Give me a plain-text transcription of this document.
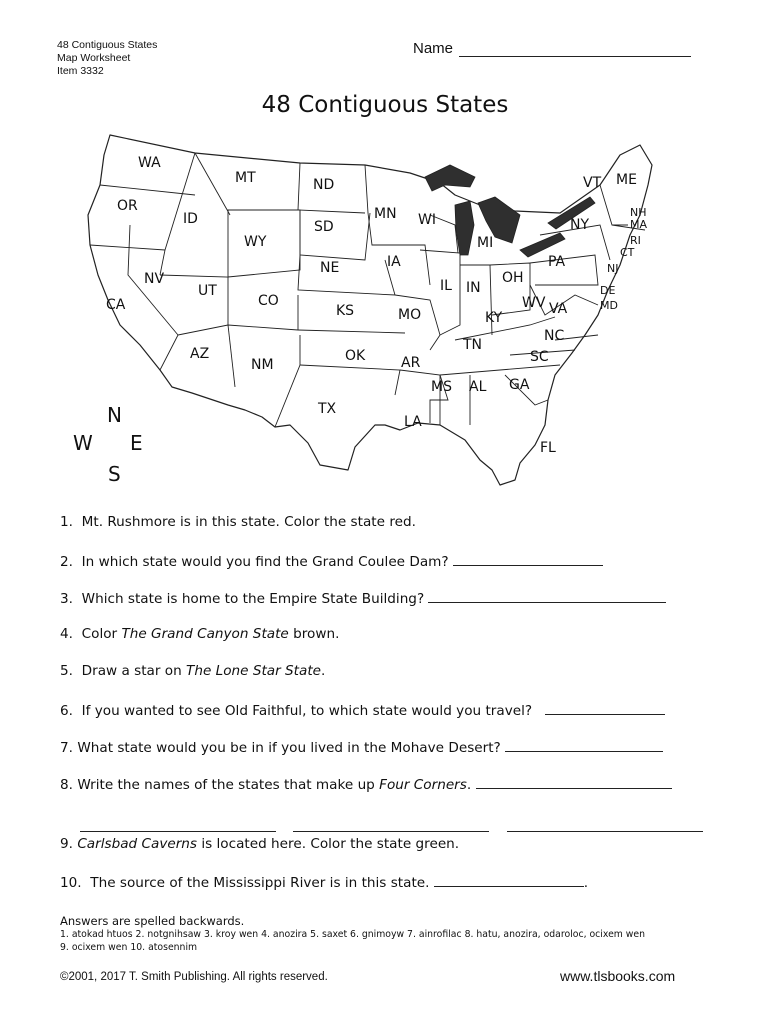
48 Contiguous States
Map Worksheet
Item 3332
Name
48 Contiguous States
WA
OR
CA
ID
NV
MT
WY
UT
AZ
CO
NM
ND
SD
NE
KS
OK
TX
MN
IA
MO
AR
LA
WI
IL
MS
MI
IN
KY
TN
AL
OH
WV
GA
PA
VA
NC
SC
FL
NY
VT ME
NH
MA
RI
CT
NJ
DE
MD
N
W E
S
1. Mt. Rushmore is in this state. Color the state red.
2. In which state would you find the Grand Coulee Dam?
3. Which state is home to the Empire State Building?
4. Color The Grand Canyon State brown.
5. Draw a star on The Lone Star State.
6. If you wanted to see Old Faithful, to which state would you travel?
7. What state would you be in if you lived in the Mohave Desert?
8. Write the names of the states that make up Four Corners.
9. Carlsbad Caverns is located here. Color the state green.
10. The source of the Mississippi River is in this state.	.
Answers are spelled backwards.
1. atokad htuos 2. notgnihsaw 3. kroy wen 4. anozira 5. saxet 6. gnimoyw 7. ainrofilac 8. hatu, anozira, odaroloc, ocixem wen
9. ocixem wen 10. atosennim
©2001, 2017 T. Smith Publishing. All rights reserved.	www.tlsbooks.com
